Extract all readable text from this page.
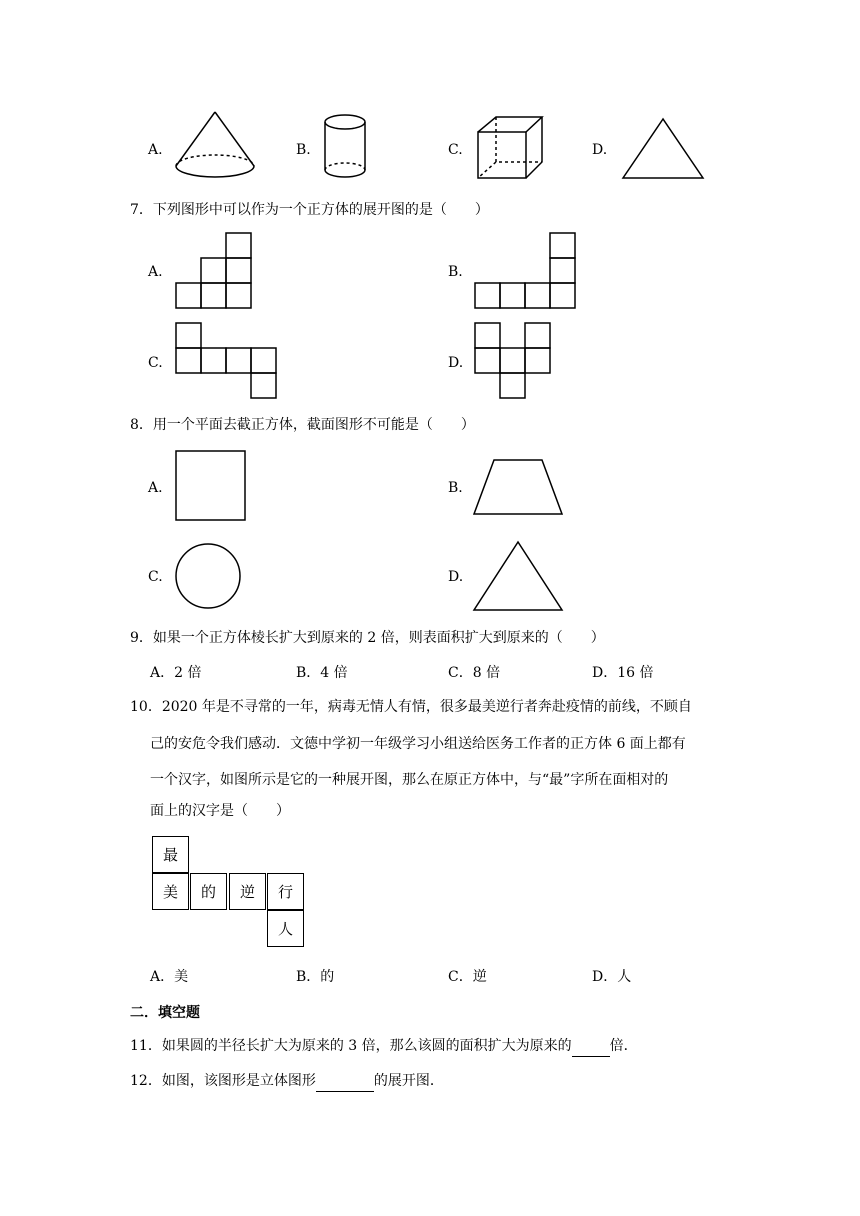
A.	B.	C.	D.
7．下列图形中可以作为一个正方体的展开图的是（　　）
A.	B.
C.	D.
8．用一个平面去截正方体，截面图形不可能是（　　）
A.	B.
C.	D.
9．如果一个正方体棱长扩大到原来的 2 倍，则表面积扩大到原来的（　　）
A．2 倍	B．4 倍	C．8 倍	D．16 倍
10．2020 年是不寻常的一年，病毒无情人有情，很多最美逆行者奔赴疫情的前线，不顾自
己的安危令我们感动．文德中学初一年级学习小组送给医务工作者的正方体 6 面上都有
一个汉字，如图所示是它的一种展开图，那么在原正方体中，与“最”字所在面相对的
面上的汉字是（　　）
最
美	的	逆	行
人
A．美	B．的	C．逆	D．人
二．填空题
11．如果圆的半径长扩大为原来的 3 倍，那么该圆的面积扩大为原来的	倍．
12．如图，该图形是立体图形	的展开图．
